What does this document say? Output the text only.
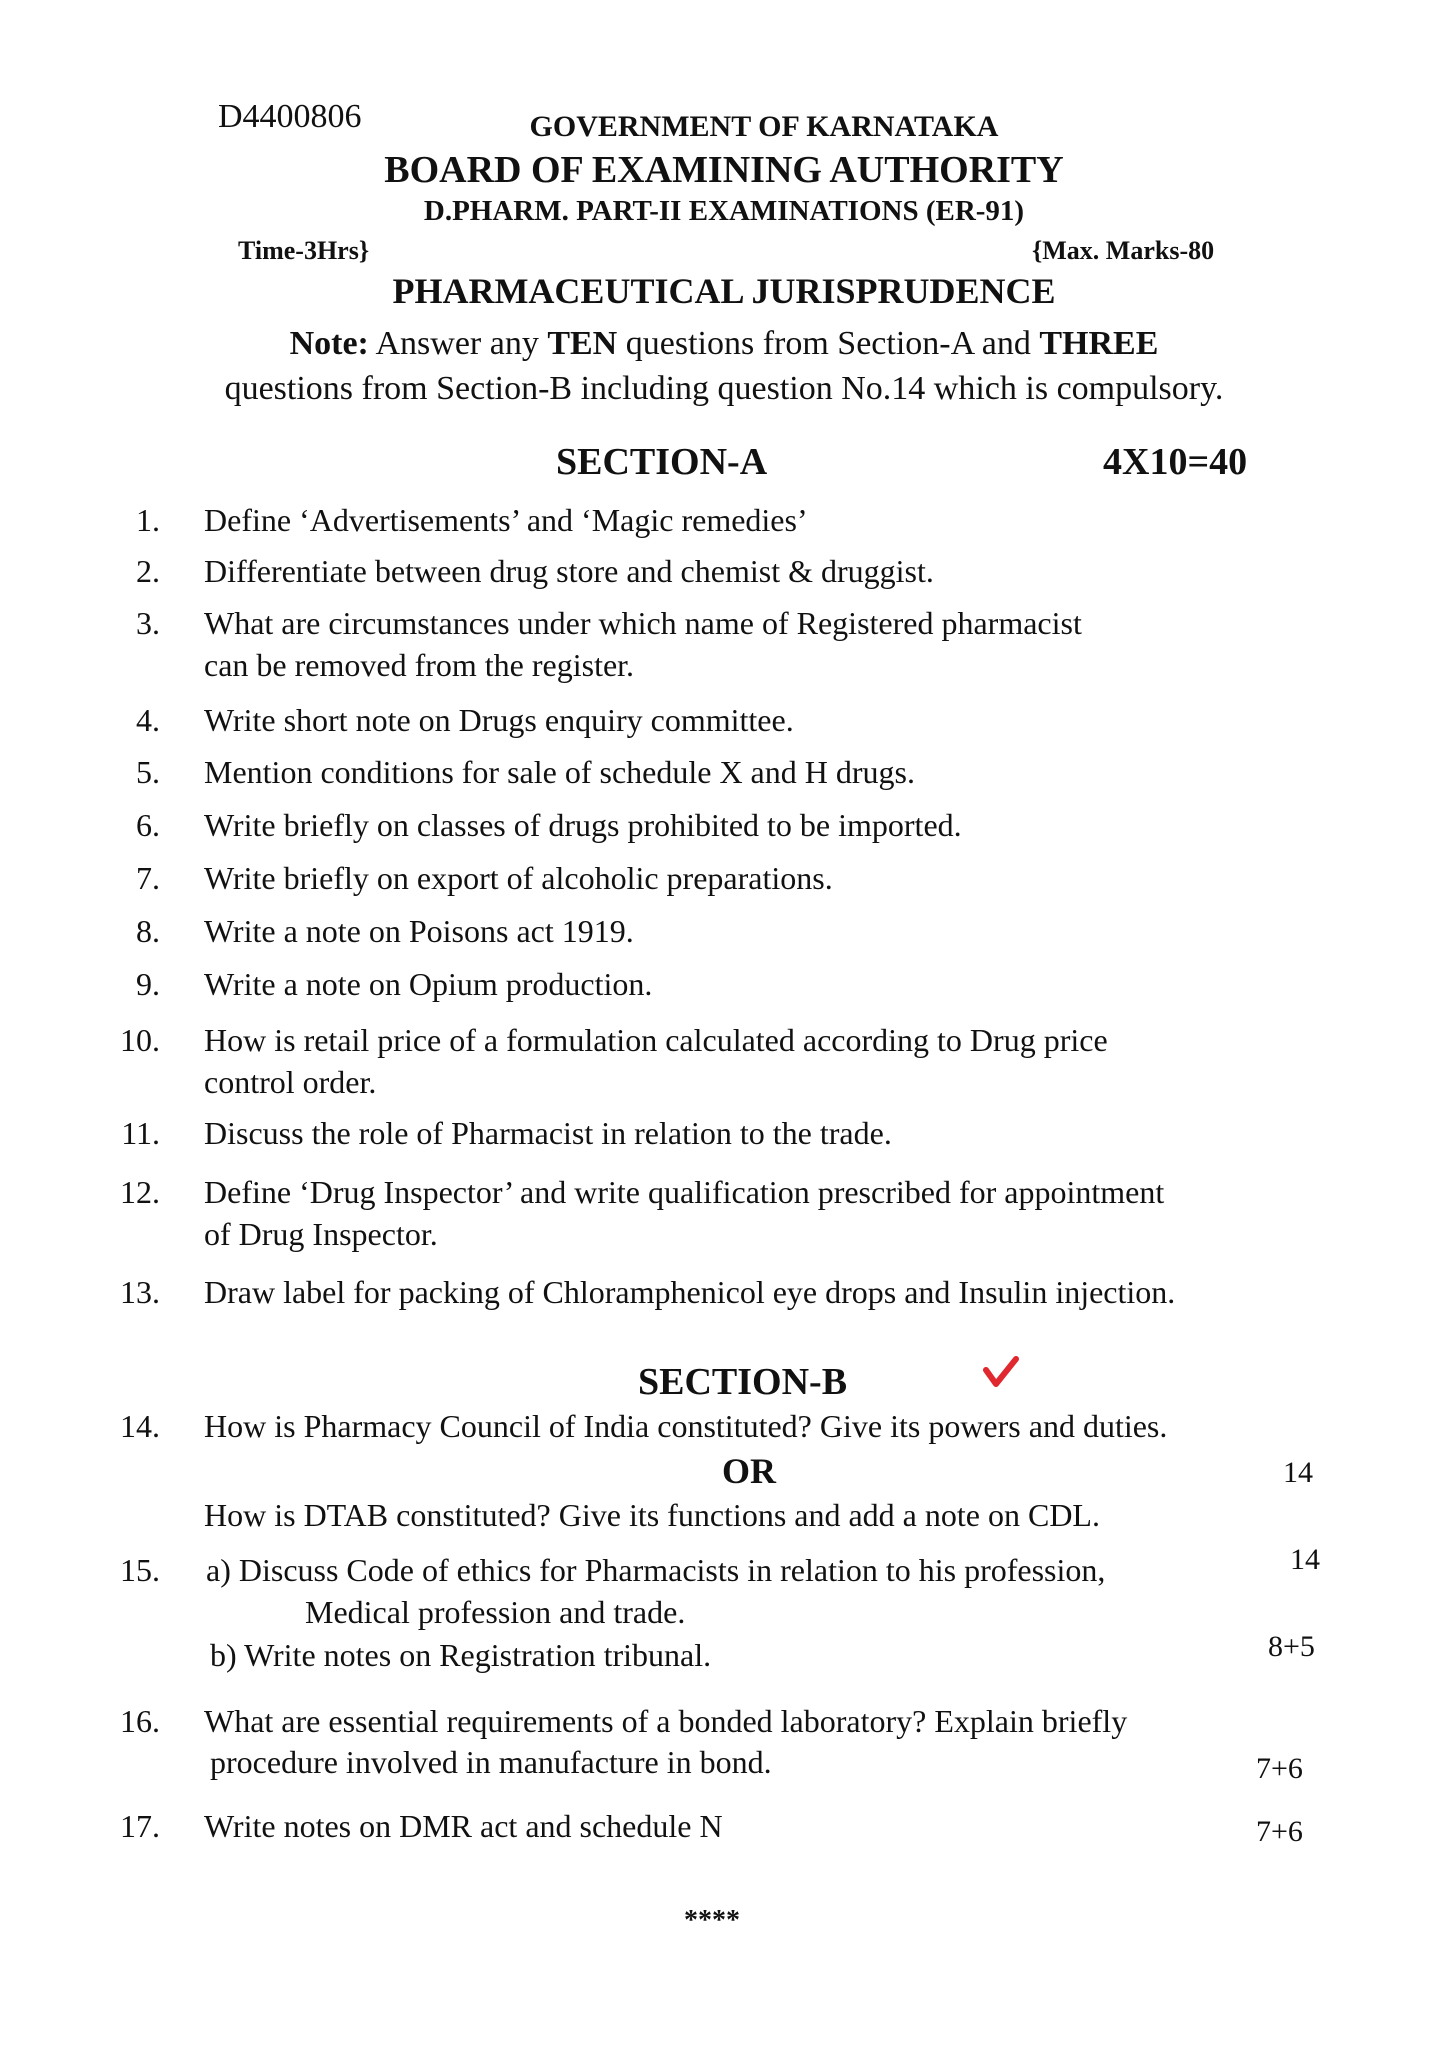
D4400806	GOVERNMENT OF KARNATAKA
BOARD OF EXAMINING AUTHORITY
D.PHARM. PART-II EXAMINATIONS (ER-91)
Time-3Hrs}	{Max. Marks-80
PHARMACEUTICAL JURISPRUDENCE
Note: Answer any TEN questions from Section-A and THREE
questions from Section-B including question No.14 which is compulsory.
SECTION-A	4X10=40
1. Define ‘Advertisements’ and ‘Magic remedies’
2. Differentiate between drug store and chemist & druggist.
3. What are circumstances under which name of Registered pharmacist
can be removed from the register.
4. Write short note on Drugs enquiry committee.
5. Mention conditions for sale of schedule X and H drugs.
6. Write briefly on classes of drugs prohibited to be imported.
7. Write briefly on export of alcoholic preparations.
8. Write a note on Poisons act 1919.
9. Write a note on Opium production.
10. How is retail price of a formulation calculated according to Drug price
control order.
11. Discuss the role of Pharmacist in relation to the trade.
12. Define ‘Drug Inspector’ and write qualification prescribed for appointment
of Drug Inspector.
13. Draw label for packing of Chloramphenicol eye drops and Insulin injection.
SECTION-B
14. How is Pharmacy Council of India constituted? Give its powers and duties.
OR	14
How is DTAB constituted? Give its functions and add a note on CDL.
15. a) Discuss Code of ethics for Pharmacists in relation to his profession,	14
Medical profession and trade.
b) Write notes on Registration tribunal.	8+5
16. What are essential requirements of a bonded laboratory? Explain briefly
procedure involved in manufacture in bond.	7+6
17. Write notes on DMR act and schedule N	7+6
****
